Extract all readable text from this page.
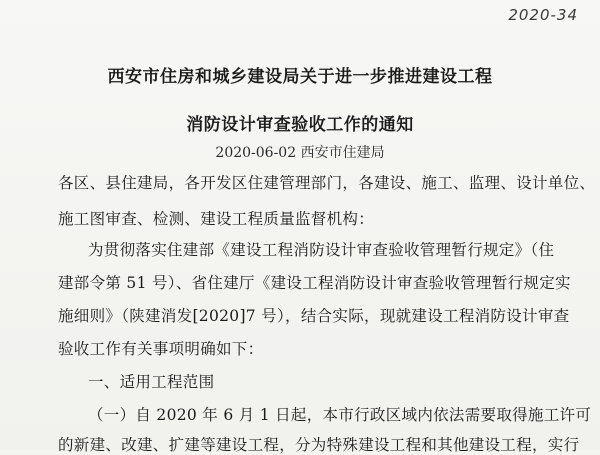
2020-34
西安市住房和城乡建设局关于进一步推进建设工程
消防设计审查验收工作的通知
2020-06-02 西安市住建局
各区、县住建局，各开发区住建管理部门，各建设、施工、监理、设计单位、
施工图审查、检测、建设工程质量监督机构：
为贯彻落实住建部《建设工程消防设计审查验收管理暂行规定》（住
建部令第 51 号）、省住建厅《建设工程消防设计审查验收管理暂行规定实
施细则》（陕建消发[2020]7 号），结合实际，现就建设工程消防设计审查
验收工作有关事项明确如下：
一、适用工程范围
（一）自 2020 年 6 月 1 日起，本市行政区域内依法需要取得施工许可
的新建、改建、扩建等建设工程，分为特殊建设工程和其他建设工程，实行
